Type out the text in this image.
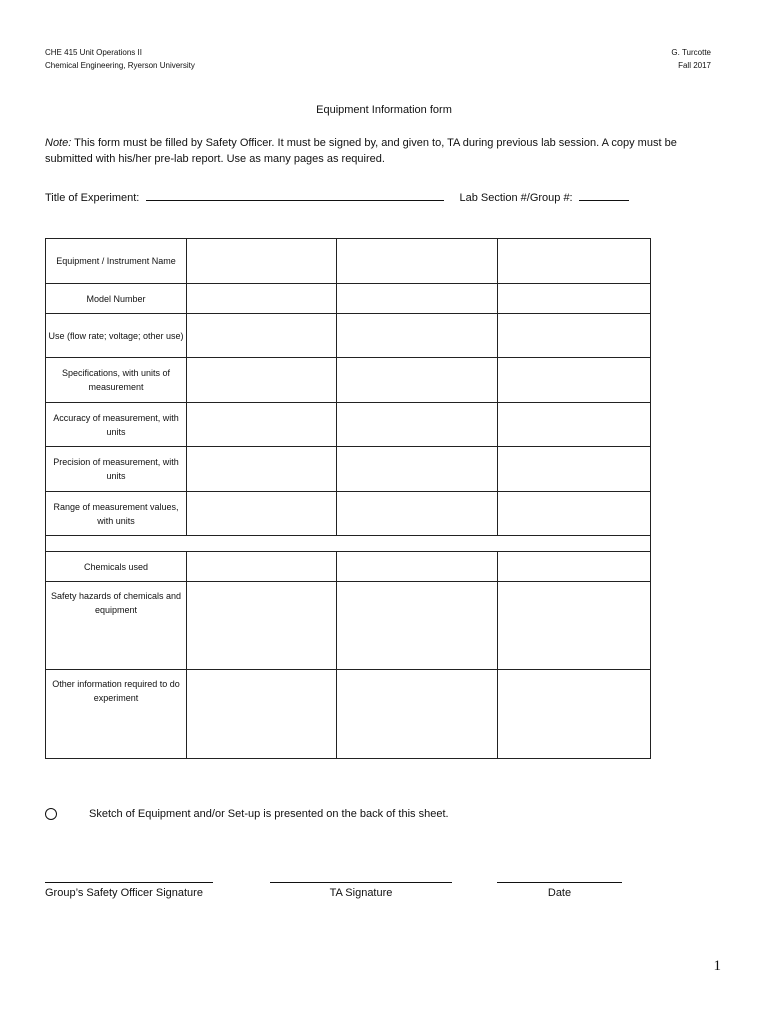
CHE 415 Unit Operations II
Chemical Engineering, Ryerson University
G. Turcotte
Fall 2017
Equipment Information form
Note: This form must be filled by Safety Officer. It must be signed by, and given to, TA during previous lab session. A copy must be submitted with his/her pre-lab report. Use as many pages as required.
Title of Experiment:	Lab Section #/Group #:
Equipment / Instrument Name			
Model Number			
Use (flow rate; voltage; other use)			
Specifications, with units of measurement			
Accuracy of measurement, with units			
Precision of measurement, with units			
Range of measurement values, with units			

Chemicals used			
Safety hazards of chemicals and equipment			
Other information required to do experiment			
Sketch of Equipment and/or Set-up is presented on the back of this sheet.
Group’s Safety Officer Signature	TA Signature	Date
1
